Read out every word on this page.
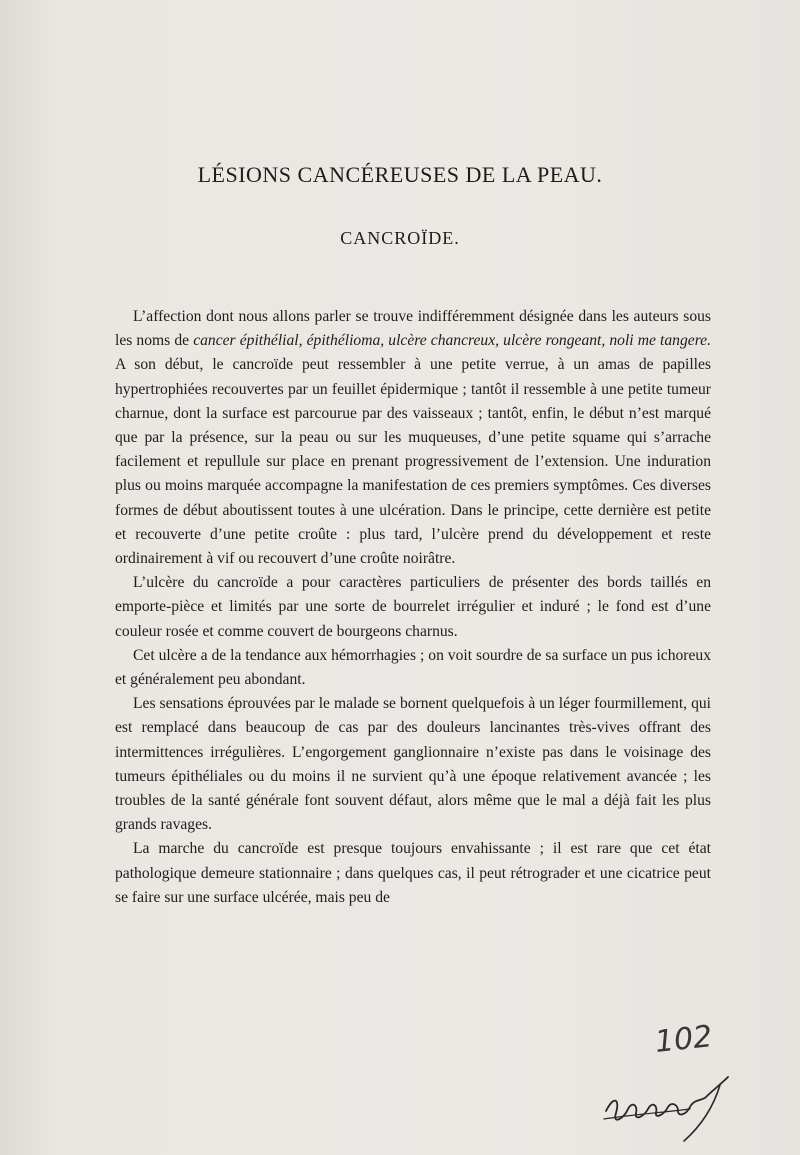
LÉSIONS CANCÉREUSES DE LA PEAU.
CANCROÏDE.

L’affection dont nous allons parler se trouve indifféremment désignée dans les auteurs sous les noms de cancer épithélial, épithélioma, ulcère chancreux, ulcère rongeant, noli me tangere. A son début, le cancroïde peut ressembler à une petite verrue, à un amas de papilles hypertrophiées recouvertes par un feuillet épidermique ; tantôt il ressemble à une petite tumeur charnue, dont la surface est parcourue par des vaisseaux ; tantôt, enfin, le début n’est marqué que par la présence, sur la peau ou sur les muqueuses, d’une petite squame qui s’arrache facilement et repullule sur place en prenant progressivement de l’extension. Une induration plus ou moins marquée accompagne la manifestation de ces premiers symptômes. Ces diverses formes de début aboutissent toutes à une ulcération. Dans le principe, cette dernière est petite et recouverte d’une petite croûte : plus tard, l’ulcère prend du développement et reste ordinairement à vif ou recouvert d’une croûte noirâtre.

L’ulcère du cancroïde a pour caractères particuliers de présenter des bords taillés en emporte-pièce et limités par une sorte de bourrelet irrégulier et induré ; le fond est d’une couleur rosée et comme couvert de bourgeons charnus.

Cet ulcère a de la tendance aux hémorrhagies ; on voit sourdre de sa surface un pus ichoreux et généralement peu abondant.

Les sensations éprouvées par le malade se bornent quelquefois à un léger fourmillement, qui est remplacé dans beaucoup de cas par des douleurs lancinantes très-vives offrant des intermittences irrégulières. L’engorgement ganglionnaire n’existe pas dans le voisinage des tumeurs épithéliales ou du moins il ne survient qu’à une époque relativement avancée ; les troubles de la santé générale font souvent défaut, alors même que le mal a déjà fait les plus grands ravages.

La marche du cancroïde est presque toujours envahissante ; il est rare que cet état pathologique demeure stationnaire ; dans quelques cas, il peut rétrograder et une cicatrice peut se faire sur une surface ulcérée, mais peu de

102
